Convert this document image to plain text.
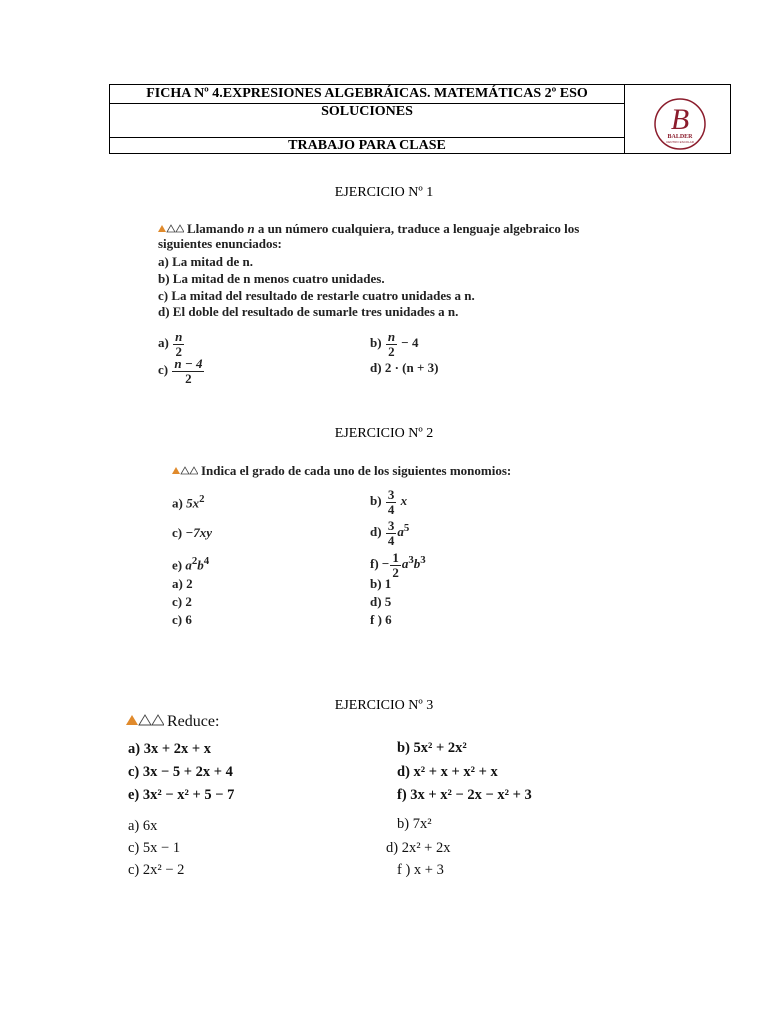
FICHA Nº 4.EXPRESIONES ALGEBRÁICAS. MATEMÁTICAS 2º ESO
SOLUCIONES
TRABAJO PARA CLASE
B
BALDER
CENTRO ESCOLAR
EJERCICIO Nº 1
Llamando n a un número cualquiera, traduce a lenguaje algebraico los
siguientes enunciados:
a) La mitad de n.
b) La mitad de n menos cuatro unidades.
c) La mitad del resultado de restarle cuatro unidades a n.
d) El doble del resultado de sumarle tres unidades a n.
$a) \frac{n}{2}$	$b) \frac{n}{2} - 4$
$c) \frac{n - 4}{2}$	d) 2 · (n + 3)
EJERCICIO Nº 2
Indica el grado de cada uno de los siguientes monomios:
a) $5x^2$	$b) \frac{3}{4}$ x
c) −7xy	$d) \frac{3}{4} a^5$
e) $a^2b^4$	$f) - \frac{1}{2} a^3b^3$
a) 2	b) 1
c) 2	d) 5
c) 6	f ) 6
EJERCICIO Nº 3
Reduce:
a) 3x + 2x + x	b) 5x² + 2x²
c) 3x − 5 + 2x + 4	d) x² + x + x² + x
e) 3x² − x² + 5 − 7	f) 3x + x² − 2x − x² + 3
a) 6x	b) 7x²
c) 5x − 1	d) 2x² + 2x
c) 2x² − 2	f ) x + 3
